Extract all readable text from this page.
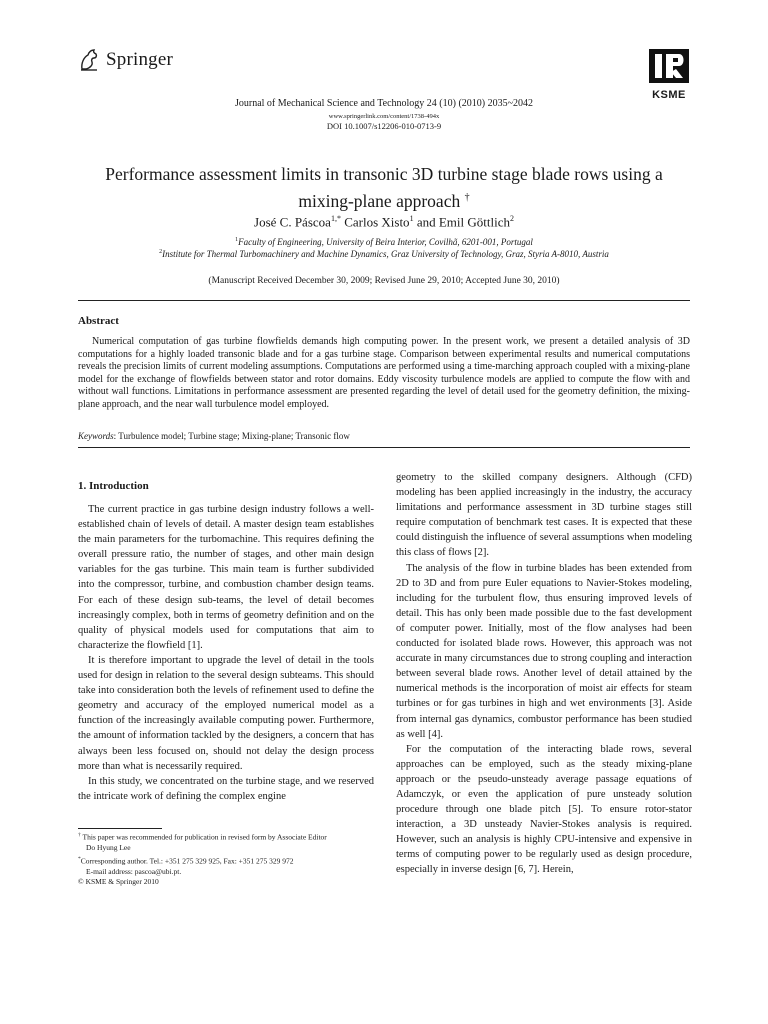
Springer
KSME
Journal of Mechanical Science and Technology 24 (10) (2010) 2035~2042
www.springerlink.com/content/1738-494x
DOI 10.1007/s12206-010-0713-9
Performance assessment limits in transonic 3D turbine stage blade rows using a mixing-plane approach †
José C. Páscoa$^{1,*}$ Carlos Xisto$^1$ and Emil Göttlich$^2$
$^1$Faculty of Engineering, University of Beira Interior, Covilhã, 6201-001, Portugal
$^2$Institute for Thermal Turbomachinery and Machine Dynamics, Graz University of Technology, Graz, Styria A-8010, Austria
(Manuscript Received December 30, 2009; Revised June 29, 2010; Accepted June 30, 2010)
Abstract

Numerical computation of gas turbine flowfields demands high computing power. In the present work, we present a detailed analysis of 3D computations for a highly loaded transonic blade and for a gas turbine stage. Comparison between experimental results and numerical computations reveals the precision limits of current modeling assumptions. Computations are performed using a time-marching approach coupled with a mixing-plane model for the exchange of flowfields between stator and rotor domains. Eddy viscosity turbulence models are applied to compute the flow with and without wall functions. Limitations in performance assessment are presented regarding the level of detail used for the geometry definition, the mixing-plane approach, and the near wall turbulence model employed.

Keywords: Turbulence model; Turbine stage; Mixing-plane; Transonic flow
1. Introduction

The current practice in gas turbine design industry follows a well-established chain of levels of detail. A master design team establishes the main parameters for the turbomachine. This requires defining the overall pressure ratio, the number of stages, and other main design variables for the gas turbine. This main team is further subdivided into the compressor, turbine, and combustion chamber design teams. For each of these design sub-teams, the level of detail becomes increasingly complex, both in terms of geometry definition and on the quality of physical models used for computations that aim to characterize the flowfield [1].

It is therefore important to upgrade the level of detail in the tools used for design in relation to the several design subteams. This should take into consideration both the levels of refinement used to define the geometry and accuracy of the employed numerical model as a function of the increasingly available computing power. Furthermore, the amount of information tackled by the designers, a concern that has always been less focused on, should not delay the design process more than what is necessarily required.

In this study, we concentrated on the turbine stage, and we reserved the intricate work of defining the complex engine

geometry to the skilled company designers. Although (CFD) modeling has been applied increasingly in the industry, the accuracy limitations and performance assessment in 3D turbine stages still require computation of benchmark test cases. It is expected that these could distinguish the influence of several assumptions when modeling this class of flows [2].

The analysis of the flow in turbine blades has been extended from 2D to 3D and from pure Euler equations to Navier-Stokes modeling, including for the turbulent flow, thus ensuring improved levels of detail. This has only been made possible due to the fast development of computer power. Initially, most of the flow analyses had been conducted for isolated blade rows. However, this approach was not accurate in many circumstances due to strong coupling and interaction between several blade rows. Another level of detail attained by the numerical methods is the incorporation of moist air effects for steam turbines or for gas turbines in high and wet environments [3]. Aside from internal gas dynamics, combustor performance has been studied as well [4].

For the computation of the interacting blade rows, several approaches can be employed, such as the steady mixing-plane approach or the pseudo-unsteady average passage equations of Adamczyk, or even the application of pure unsteady solution procedure through one blade pitch [5]. To ensure rotor-stator interaction, a 3D unsteady Navier-Stokes analysis is required. However, such an analysis is highly CPU-intensive and expensive in terms of computing power to be regularly used as design procedure, especially in inverse design [6, 7]. Herein,

† This paper was recommended for publication in revised form by Associate Editor
Do Hyung Lee
*Corresponding author. Tel.: +351 275 329 925, Fax: +351 275 329 972
E-mail address: pascoa@ubi.pt.
© KSME & Springer 2010
